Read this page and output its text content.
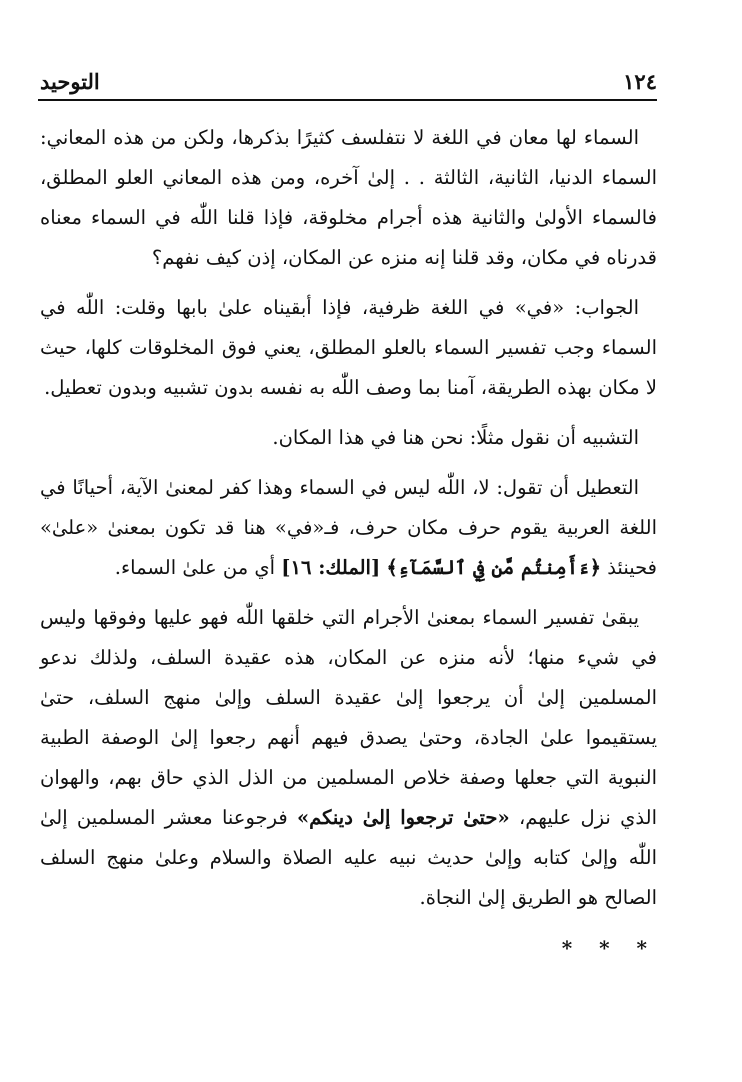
١٢٤
التوحيد

السماء لها معان في اللغة لا نتفلسف كثيرًا بذكرها، ولكن من هذه المعاني: السماء الدنيا، الثانية، الثالثة . . إلىٰ آخره، ومن هذه المعاني العلو المطلق، فالسماء الأولىٰ والثانية هذه أجرام مخلوقة، فإذا قلنا اللّٰه في السماء معناه قدرناه في مكان، وقد قلنا إنه منزه عن المكان، إذن كيف نفهم؟

الجواب: «في» في اللغة ظرفية، فإذا أبقيناه علىٰ بابها وقلت: اللّٰه في السماء وجب تفسير السماء بالعلو المطلق، يعني فوق المخلوقات كلها، حيث لا مكان بهذه الطريقة، آمنا بما وصف اللّٰه به نفسه بدون تشبيه وبدون تعطيل.

التشبيه أن نقول مثلًا: نحن هنا في هذا المكان.

التعطيل أن تقول: لا، اللّٰه ليس في السماء وهذا كفر لمعنىٰ الآية، أحيانًا في اللغة العربية يقوم حرف مكان حرف، فـ«في» هنا قد تكون بمعنىٰ «علىٰ» فحينئذ ﴿ءَأَمِنتُم مَّن فِي ٱلسَّمَآءِ﴾ [الملك: ١٦] أي من علىٰ السماء.

يبقىٰ تفسير السماء بمعنىٰ الأجرام التي خلقها اللّٰه فهو عليها وفوقها وليس في شيء منها؛ لأنه منزه عن المكان، هذه عقيدة السلف، ولذلك ندعو المسلمين إلىٰ أن يرجعوا إلىٰ عقيدة السلف وإلىٰ منهج السلف، حتىٰ يستقيموا علىٰ الجادة، وحتىٰ يصدق فيهم أنهم رجعوا إلىٰ الوصفة الطبية النبوية التي جعلها وصفة خلاص المسلمين من الذل الذي حاق بهم، والهوان الذي نزل عليهم، «حتىٰ ترجعوا إلىٰ دينكم» فرجوعنا معشر المسلمين إلىٰ اللّٰه وإلىٰ كتابه وإلىٰ حديث نبيه عليه الصلاة والسلام وعلىٰ منهج السلف الصالح هو الطريق إلىٰ النجاة.

* * *
